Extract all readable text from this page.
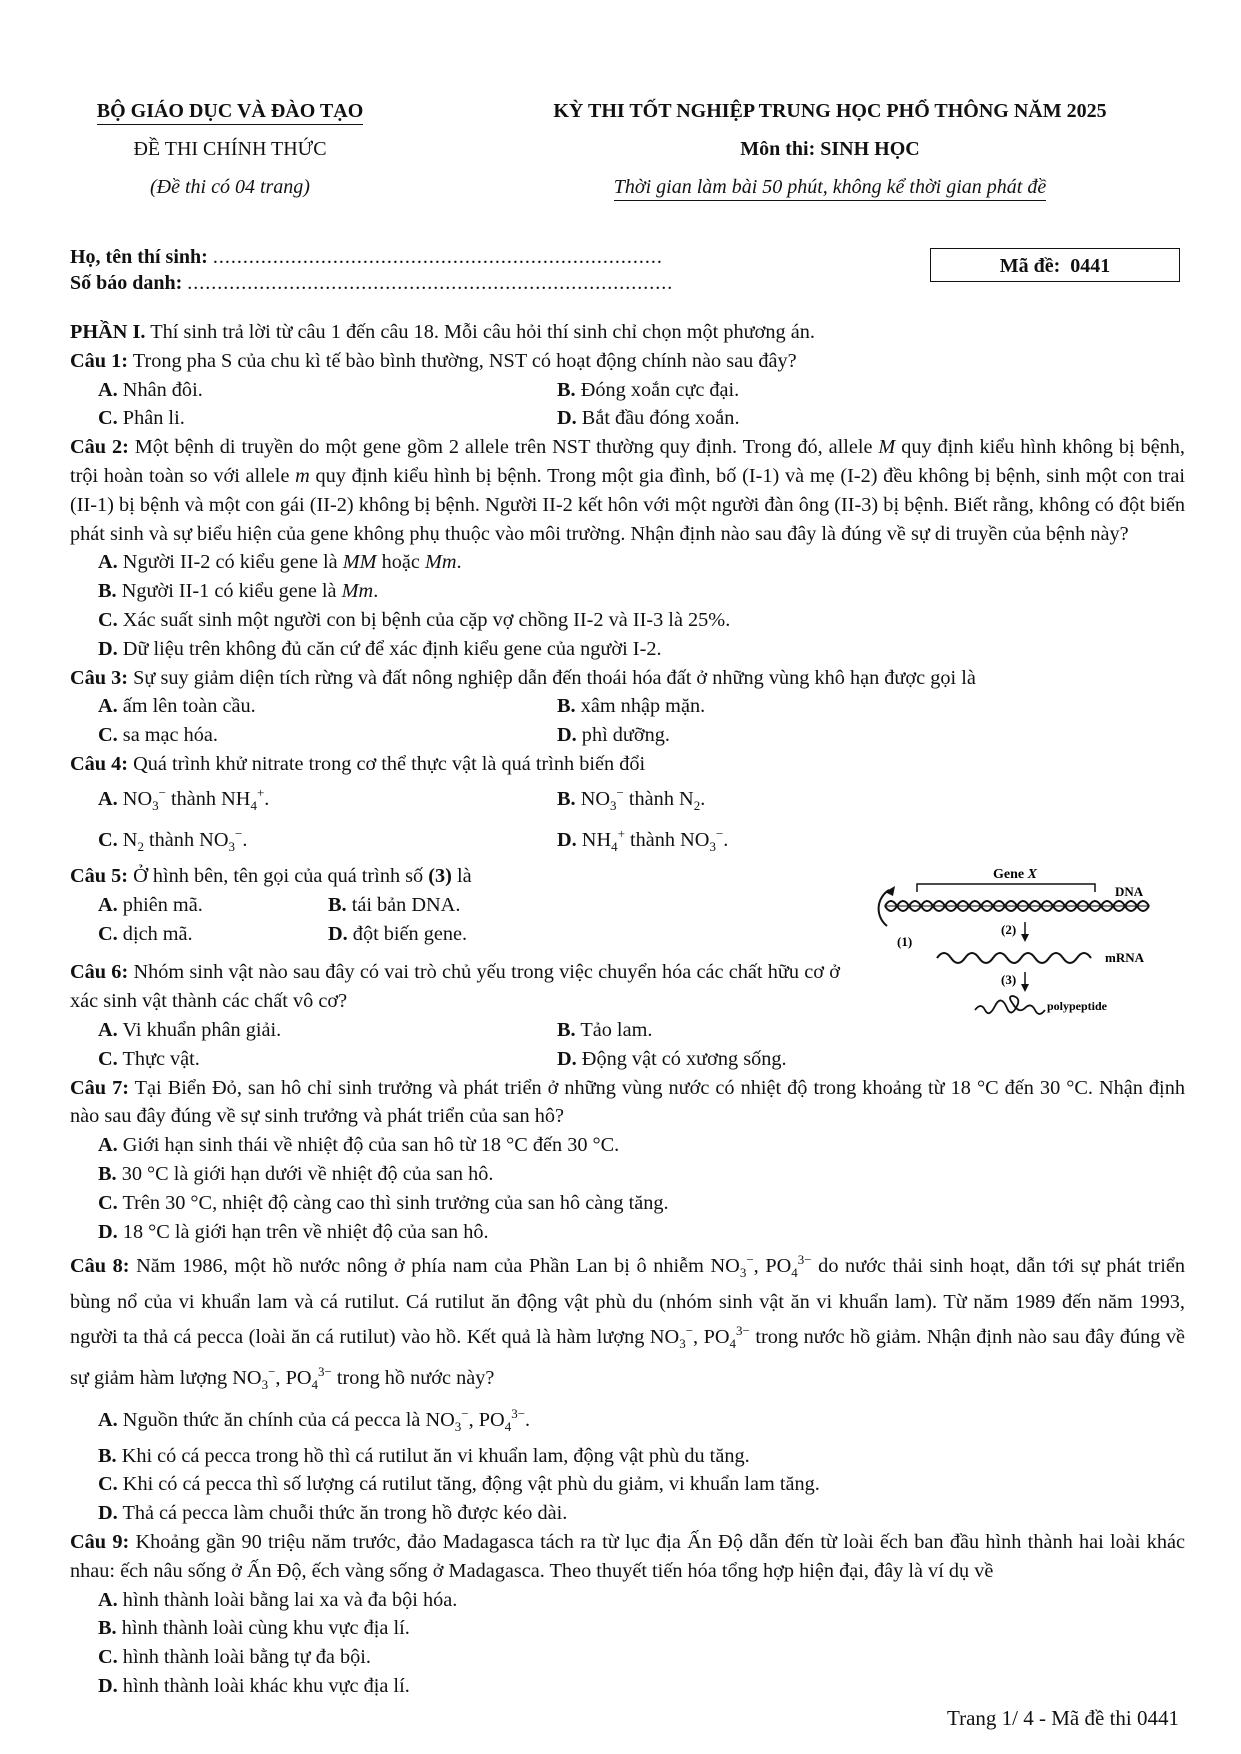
BỘ GIÁO DỤC VÀ ĐÀO TẠO
ĐỀ THI CHÍNH THỨC
(Đề thi có 04 trang)
KỲ THI TỐT NGHIỆP TRUNG HỌC PHỔ THÔNG NĂM 2025
Môn thi: SINH HỌC
Thời gian làm bài 50 phút, không kể thời gian phát đề
Họ, tên thí sinh: ...........................................................................
Số báo danh: .................................................................................
Mã đề: 0441

PHẦN I. Thí sinh trả lời từ câu 1 đến câu 18. Mỗi câu hỏi thí sinh chỉ chọn một phương án.

Câu 1: Trong pha S của chu kì tế bào bình thường, NST có hoạt động chính nào sau đây?

A. Nhân đôi.	B. Đóng xoắn cực đại.
C. Phân li.	D. Bắt đầu đóng xoắn.

Câu 2: Một bệnh di truyền do một gene gồm 2 allele trên NST thường quy định. Trong đó, allele M quy định kiểu hình không bị bệnh, trội hoàn toàn so với allele m quy định kiểu hình bị bệnh. Trong một gia đình, bố (I-1) và mẹ (I-2) đều không bị bệnh, sinh một con trai (II-1) bị bệnh và một con gái (II-2) không bị bệnh. Người II-2 kết hôn với một người đàn ông (II-3) bị bệnh. Biết rằng, không có đột biến phát sinh và sự biểu hiện của gene không phụ thuộc vào môi trường. Nhận định nào sau đây là đúng về sự di truyền của bệnh này?

A. Người II-2 có kiểu gene là MM hoặc Mm.

B. Người II-1 có kiểu gene là Mm.

C. Xác suất sinh một người con bị bệnh của cặp vợ chồng II-2 và II-3 là 25%.

D. Dữ liệu trên không đủ căn cứ để xác định kiểu gene của người I-2.

Câu 3: Sự suy giảm diện tích rừng và đất nông nghiệp dẫn đến thoái hóa đất ở những vùng khô hạn được gọi là

A. ấm lên toàn cầu.	B. xâm nhập mặn.
C. sa mạc hóa.	D. phì dưỡng.

Câu 4: Quá trình khử nitrate trong cơ thể thực vật là quá trình biến đổi

A. $NO_3^-$ thành $NH_4^+$.	B. $NO_3^-$ thành $N_2$.
C. $N_2$ thành $NO_3^-$.	D. $NH_4^+$ thành $NO_3^-$.

Câu 5: Ở hình bên, tên gọi của quá trình số (3) là

A. phiên mã.	B. tái bản DNA.
C. dịch mã.	D. đột biến gene.

Câu 6: Nhóm sinh vật nào sau đây có vai trò chủ yếu trong việc chuyển hóa các chất hữu cơ ở xác sinh vật thành các chất vô cơ?

Gene X
DNA
(1)
(2)
mRNA
(3)
polypeptide
A. Vi khuẩn phân giải.	B. Tảo lam.
C. Thực vật.	D. Động vật có xương sống.

Câu 7: Tại Biển Đỏ, san hô chỉ sinh trưởng và phát triển ở những vùng nước có nhiệt độ trong khoảng từ 18 °C đến 30 °C. Nhận định nào sau đây đúng về sự sinh trưởng và phát triển của san hô?

A. Giới hạn sinh thái về nhiệt độ của san hô từ 18 °C đến 30 °C.

B. 30 °C là giới hạn dưới về nhiệt độ của san hô.

C. Trên 30 °C, nhiệt độ càng cao thì sinh trưởng của san hô càng tăng.

D. 18 °C là giới hạn trên về nhiệt độ của san hô.

Câu 8: Năm 1986, một hồ nước nông ở phía nam của Phần Lan bị ô nhiễm $NO_3^-$, $PO_4^{3-}$ do nước thải sinh hoạt, dẫn tới sự phát triển bùng nổ của vi khuẩn lam và cá rutilut. Cá rutilut ăn động vật phù du (nhóm sinh vật ăn vi khuẩn lam). Từ năm 1989 đến năm 1993, người ta thả cá pecca (loài ăn cá rutilut) vào hồ. Kết quả là hàm lượng $NO_3^-$, $PO_4^{3-}$ trong nước hồ giảm. Nhận định nào sau đây đúng về sự giảm hàm lượng $NO_3^-$, $PO_4^{3-}$ trong hồ nước này?

A. Nguồn thức ăn chính của cá pecca là $NO_3^-$, $PO_4^{3-}$.

B. Khi có cá pecca trong hồ thì cá rutilut ăn vi khuẩn lam, động vật phù du tăng.

C. Khi có cá pecca thì số lượng cá rutilut tăng, động vật phù du giảm, vi khuẩn lam tăng.

D. Thả cá pecca làm chuỗi thức ăn trong hồ được kéo dài.

Câu 9: Khoảng gần 90 triệu năm trước, đảo Madagasca tách ra từ lục địa Ấn Độ dẫn đến từ loài ếch ban đầu hình thành hai loài khác nhau: ếch nâu sống ở Ấn Độ, ếch vàng sống ở Madagasca. Theo thuyết tiến hóa tổng hợp hiện đại, đây là ví dụ về

A. hình thành loài bằng lai xa và đa bội hóa.

B. hình thành loài cùng khu vực địa lí.

C. hình thành loài bằng tự đa bội.

D. hình thành loài khác khu vực địa lí.

Trang 1/ 4 - Mã đề thi 0441
